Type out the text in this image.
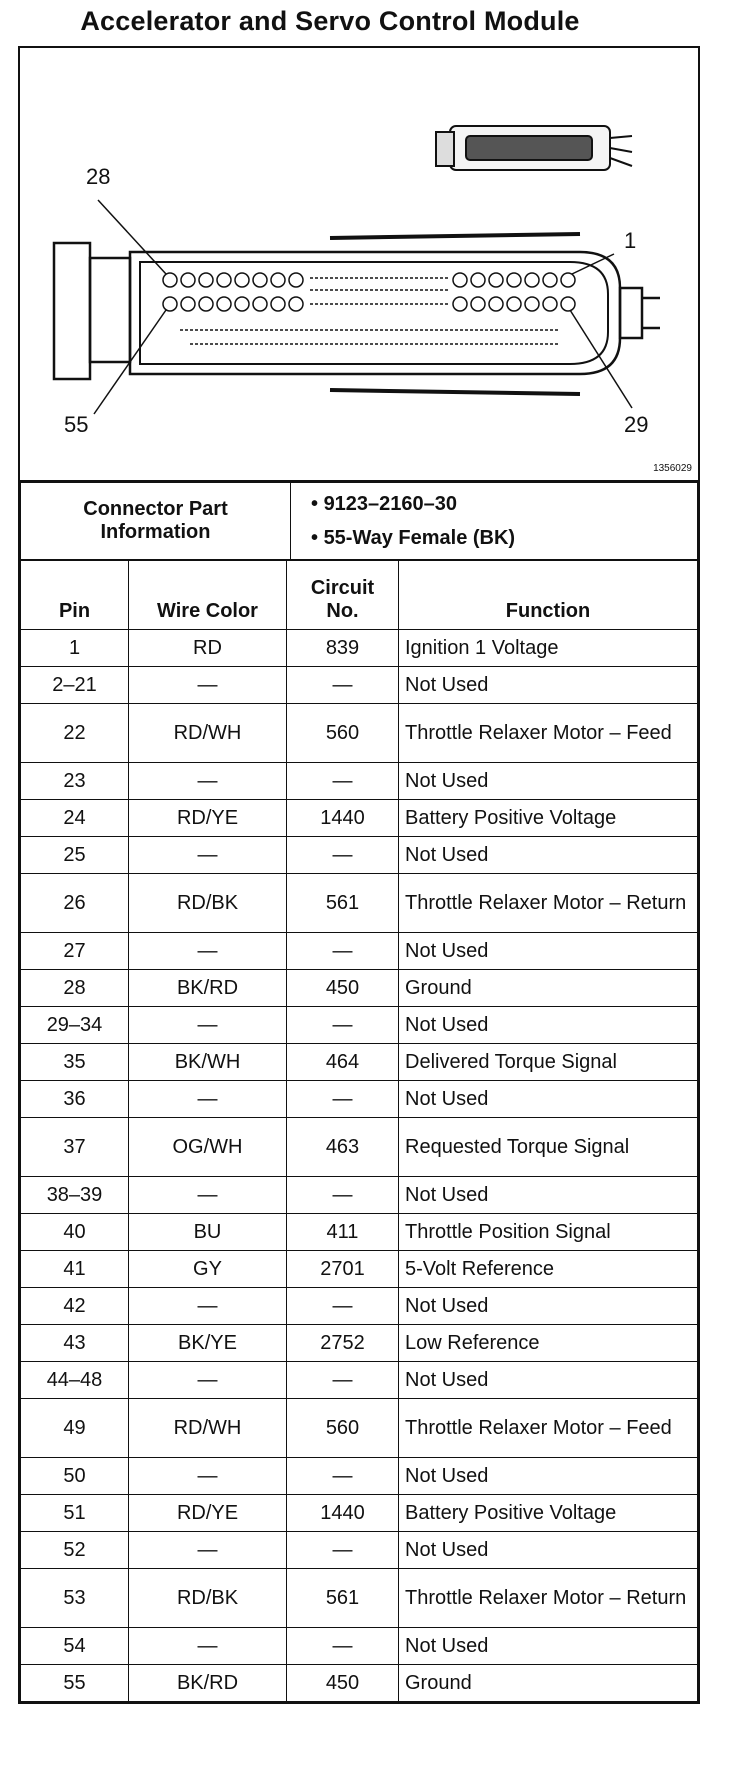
Accelerator and Servo Control Module
28
1
55	29
1356029
Connector Part Information	
• 9123–2160–30
• 55-Way Female (BK)
Pin	Wire Color	Circuit No.	Function
1	RD	839	Ignition 1 Voltage
2–21	—	—	Not Used
22	RD/WH	560	Throttle Relaxer Motor – Feed
23	—	—	Not Used
24	RD/YE	1440	Battery Positive Voltage
25	—	—	Not Used
26	RD/BK	561	Throttle Relaxer Motor – Return
27	—	—	Not Used
28	BK/RD	450	Ground
29–34	—	—	Not Used
35	BK/WH	464	Delivered Torque Signal
36	—	—	Not Used
37	OG/WH	463	Requested Torque Signal
38–39	—	—	Not Used
40	BU	411	Throttle Position Signal
41	GY	2701	5-Volt Reference
42	—	—	Not Used
43	BK/YE	2752	Low Reference
44–48	—	—	Not Used
49	RD/WH	560	Throttle Relaxer Motor – Feed
50	—	—	Not Used
51	RD/YE	1440	Battery Positive Voltage
52	—	—	Not Used
53	RD/BK	561	Throttle Relaxer Motor – Return
54	—	—	Not Used
55	BK/RD	450	Ground
